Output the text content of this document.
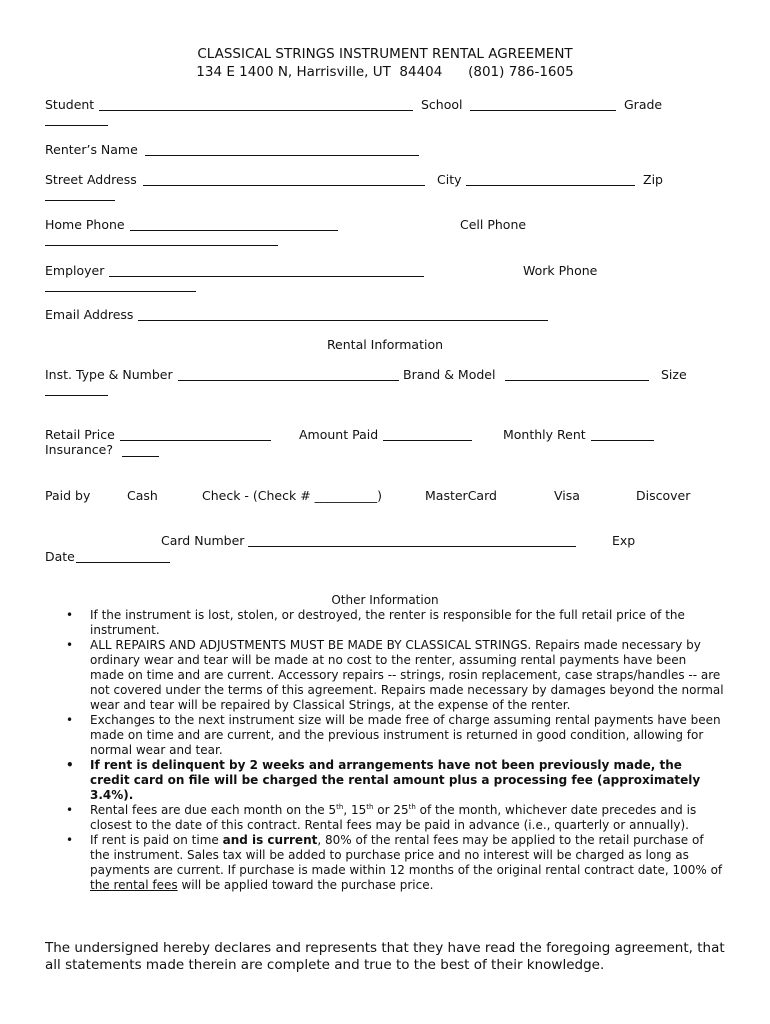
CLASSICAL STRINGS INSTRUMENT RENTAL AGREEMENT
134 E 1400 N, Harrisville, UT  84404      (801) 786-1605
Student	School	Grade
Renter’s Name
Street Address	City	Zip
Home Phone	Cell Phone
Employer	Work Phone
Email Address
Rental Information
Inst. Type & Number	Brand & Model	Size
Retail Price	Amount Paid	Monthly Rent
Insurance?
Paid by	Cash	Check - (Check # __________)	MasterCard	Visa	Discover
Card Number	Exp
Date
Other Information
• If the instrument is lost, stolen, or destroyed, the renter is responsible for the full retail price of the instrument.
• ALL REPAIRS AND ADJUSTMENTS MUST BE MADE BY CLASSICAL STRINGS. Repairs made necessary by ordinary wear and tear will be made at no cost to the renter, assuming rental payments have been made on time and are current. Accessory repairs -- strings, rosin replacement, case straps/handles -- are not covered under the terms of this agreement. Repairs made necessary by damages beyond the normal wear and tear will be repaired by Classical Strings, at the expense of the renter.
• Exchanges to the next instrument size will be made free of charge assuming rental payments have been made on time and are current, and the previous instrument is returned in good condition, allowing for normal wear and tear.
• If rent is delinquent by 2 weeks and arrangements have not been previously made, the credit card on file will be charged the rental amount plus a processing fee (approximately 3.4%).
• Rental fees are due each month on the 5th, 15th or 25th of the month, whichever date precedes and is closest to the date of this contract. Rental fees may be paid in advance (i.e., quarterly or annually).
• If rent is paid on time and is current, 80% of the rental fees may be applied to the retail purchase of the instrument. Sales tax will be added to purchase price and no interest will be charged as long as payments are current. If purchase is made within 12 months of the original rental contract date, 100% of the rental fees will be applied toward the purchase price.
The undersigned hereby declares and represents that they have read the foregoing agreement, that all statements made therein are complete and true to the best of their knowledge.
